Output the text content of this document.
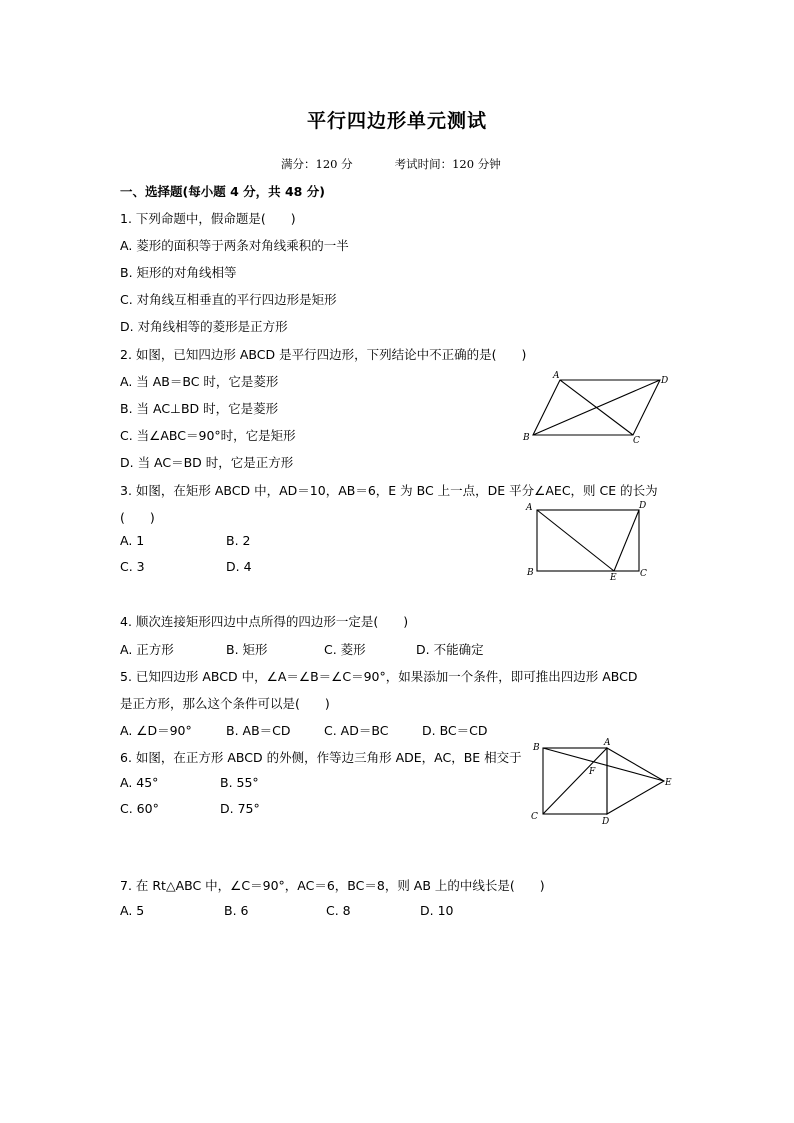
平行四边形单元测试
满分：120 分	考试时间：120 分钟
一、选择题(每小题 4 分，共 48 分)
1. 下列命题中，假命题是(　　)
A. 菱形的面积等于两条对角线乘积的一半
B. 矩形的对角线相等
C. 对角线互相垂直的平行四边形是矩形
D. 对角线相等的菱形是正方形
2. 如图，已知四边形 ABCD 是平行四边形，下列结论中不正确的是(　　)
A. 当 AB＝BC 时，它是菱形
B. 当 AC⊥BD 时，它是菱形
C. 当∠ABC＝90°时，它是矩形
D. 当 AC＝BD 时，它是正方形
A	D
B	C
3. 如图，在矩形 ABCD 中，AD＝10，AB＝6，E 为 BC 上一点，DE 平分∠AEC，则 CE 的长为
(　　)
A. 1	B. 2
C. 3	D. 4
A	D
B	E	C
4. 顺次连接矩形四边中点所得的四边形一定是(　　)
A. 正方形	B. 矩形	C. 菱形	D. 不能确定
5. 已知四边形 ABCD 中，∠A＝∠B＝∠C＝90°，如果添加一个条件，即可推出四边形 ABCD
是正方形，那么这个条件可以是(　　)
A. ∠D＝90°	B. AB＝CD	C. AD＝BC	D. BC＝CD
6. 如图，在正方形 ABCD 的外侧，作等边三角形 ADE，AC，BE 相交于
A. 45°	B. 55°
C. 60°	D. 75°
B	A
F
E
C	D
7. 在 Rt△ABC 中，∠C＝90°，AC＝6，BC＝8，则 AB 上的中线长是(　　)
A. 5	B. 6	C. 8	D. 10
